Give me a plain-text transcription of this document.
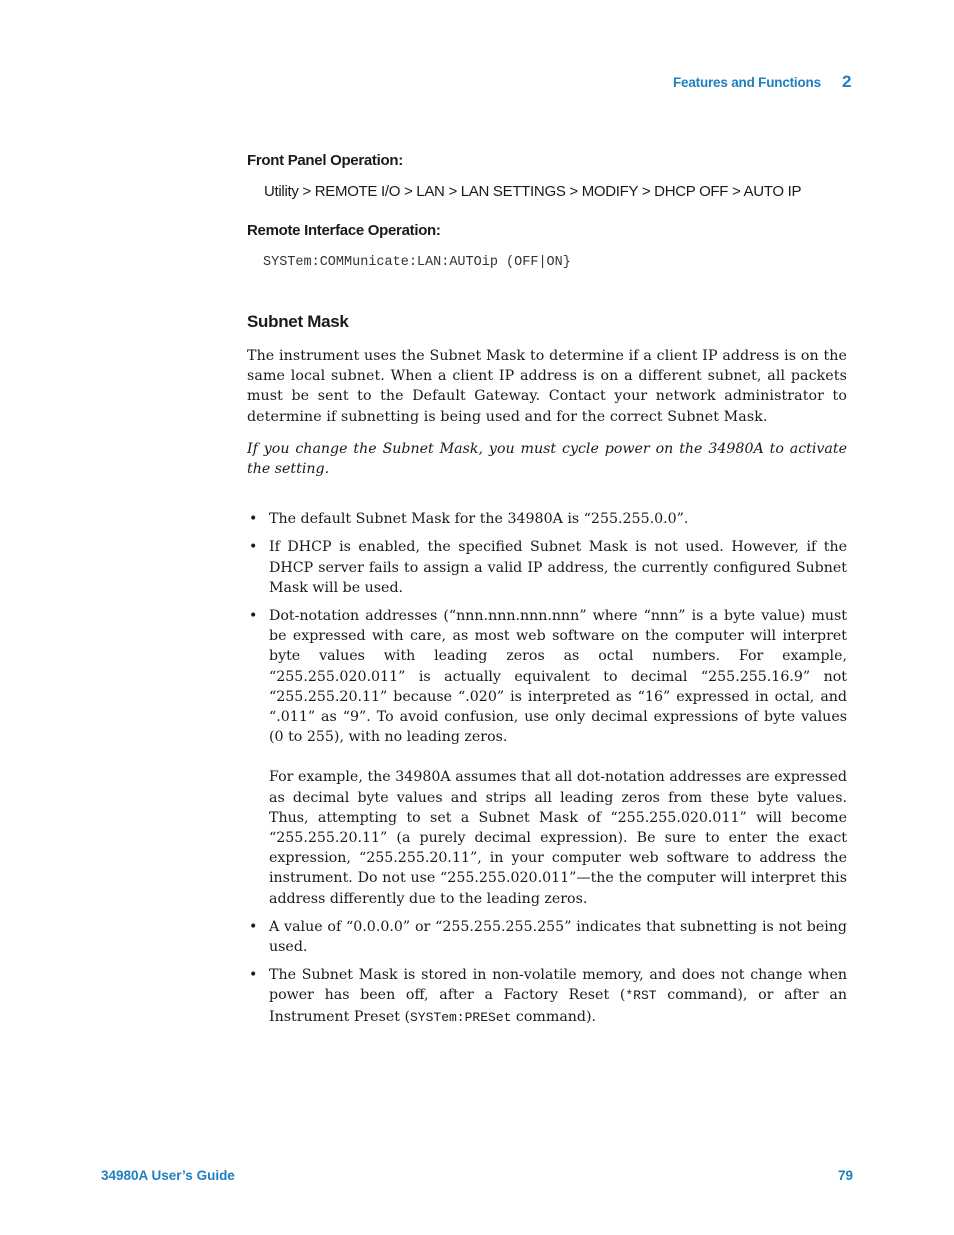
Features and Functions 2

Front Panel Operation:

Utility > REMOTE I/O > LAN > LAN SETTINGS > MODIFY > DHCP OFF > AUTO IP

Remote Interface Operation:

SYSTem:COMMunicate:LAN:AUTOip (OFF|ON}

Subnet Mask

The instrument uses the Subnet Mask to determine if a client IP address is on the same local subnet. When a client IP address is on a different subnet, all packets must be sent to the Default Gateway. Contact your network administrator to determine if subnetting is being used and for the correct Subnet Mask.

If you change the Subnet Mask, you must cycle power on the 34980A to activate the setting.

• The default Subnet Mask for the 34980A is “255.255.0.0”.
• If DHCP is enabled, the specified Subnet Mask is not used. However, if the DHCP server fails to assign a valid IP address, the currently configured Subnet Mask will be used.
• Dot-notation addresses (“nnn.nnn.nnn.nnn” where “nnn” is a byte value) must be expressed with care, as most web software on the computer will interpret byte values with leading zeros as octal numbers. For example, “255.255.020.011” is actually equivalent to decimal “255.255.16.9” not “255.255.20.11” because “.020” is interpreted as “16” expressed in octal, and “.011” as “9”. To avoid confusion, use only decimal expressions of byte values (0 to 255), with no leading zeros.
For example, the 34980A assumes that all dot-notation addresses are expressed as decimal byte values and strips all leading zeros from these byte values. Thus, attempting to set a Subnet Mask of “255.255.020.011” will become “255.255.20.11” (a purely decimal expression). Be sure to enter the exact expression, “255.255.20.11”, in your computer web software to address the instrument. Do not use “255.255.020.011”—the the computer will interpret this address differently due to the leading zeros.
• A value of “0.0.0.0” or “255.255.255.255” indicates that subnetting is not being used.
• The Subnet Mask is stored in non-volatile memory, and does not change when power has been off, after a Factory Reset (*RST command), or after an Instrument Preset (SYSTem:PRESet command).
34980A User’s Guide	79
